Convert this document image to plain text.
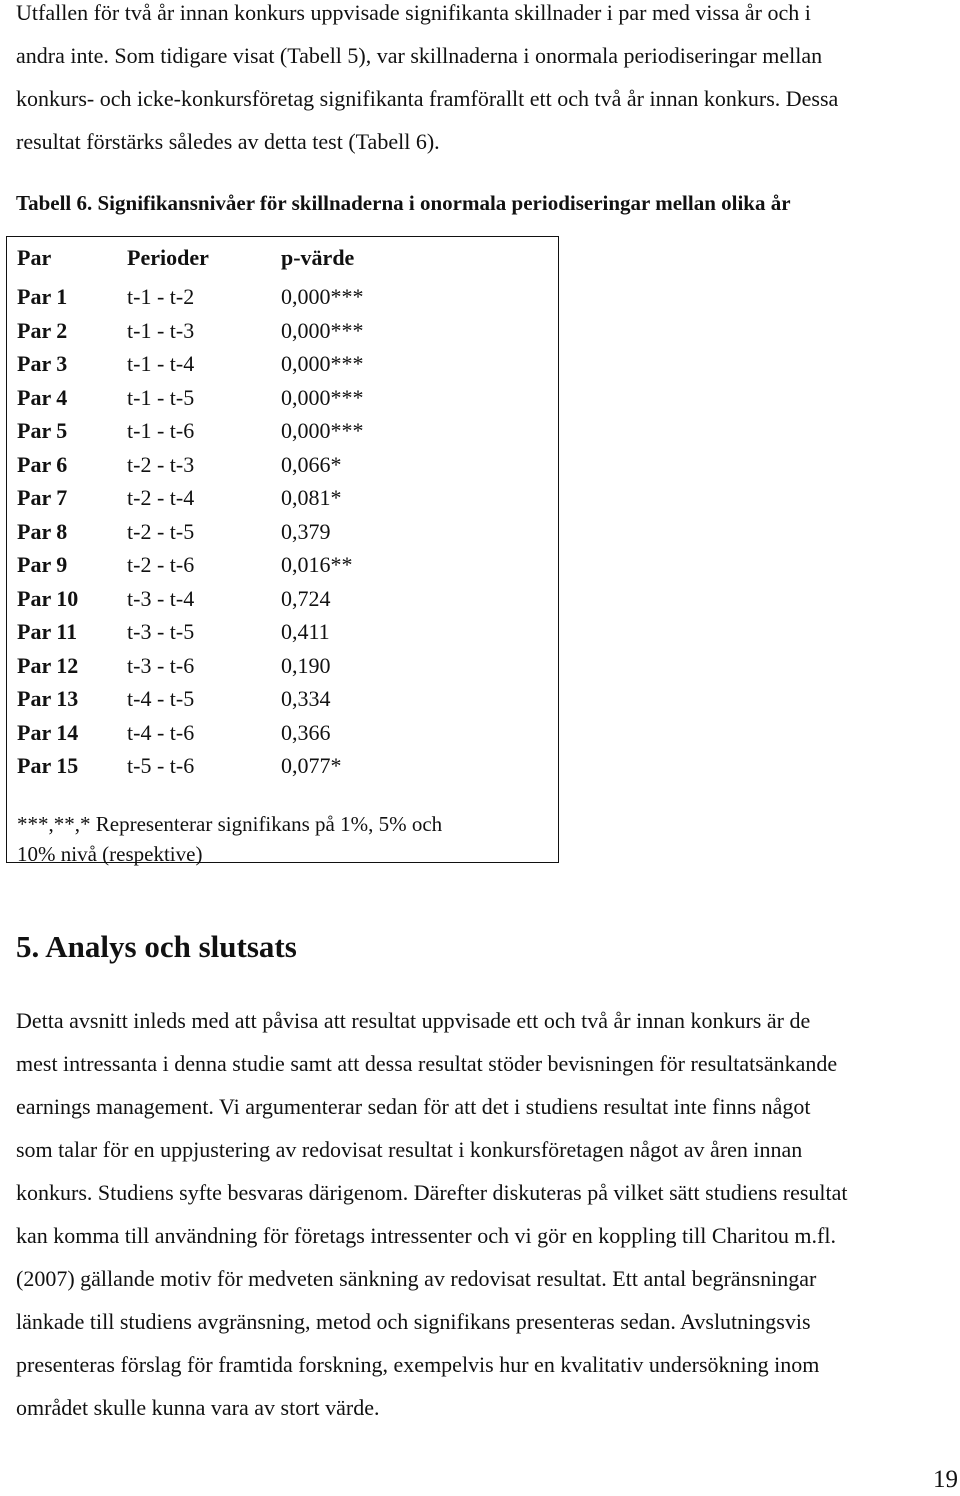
Utfallen för två år innan konkurs uppvisade signifikanta skillnader i par med vissa år och i
andra inte. Som tidigare visat (Tabell 5), var skillnaderna i onormala periodiseringar mellan
konkurs- och icke-konkursföretag signifikanta framförallt ett och två år innan konkurs. Dessa
resultat förstärks således av detta test (Tabell 6).
Tabell 6. Signifikansnivåer för skillnaderna i onormala periodiseringar mellan olika år
Par	Perioder	p-värde
Par 1	t-1 - t-2	0,000***
Par 2	t-1 - t-3	0,000***
Par 3	t-1 - t-4	0,000***
Par 4	t-1 - t-5	0,000***
Par 5	t-1 - t-6	0,000***
Par 6	t-2 - t-3	0,066*
Par 7	t-2 - t-4	0,081*
Par 8	t-2 - t-5	0,379
Par 9	t-2 - t-6	0,016**
Par 10 t-3 - t-4	0,724
Par 11 t-3 - t-5	0,411
Par 12 t-3 - t-6	0,190
Par 13 t-4 - t-5	0,334
Par 14 t-4 - t-6	0,366
Par 15 t-5 - t-6	0,077*
***,**,* Representerar signifikans på 1%, 5% och
10% nivå (respektive)
5. Analys och slutsats
Detta avsnitt inleds med att påvisa att resultat uppvisade ett och två år innan konkurs är de
mest intressanta i denna studie samt att dessa resultat stöder bevisningen för resultatsänkande
earnings management. Vi argumenterar sedan för att det i studiens resultat inte finns något
som talar för en uppjustering av redovisat resultat i konkursföretagen något av åren innan
konkurs. Studiens syfte besvaras därigenom. Därefter diskuteras på vilket sätt studiens resultat
kan komma till användning för företags intressenter och vi gör en koppling till Charitou m.fl.
(2007) gällande motiv för medveten sänkning av redovisat resultat. Ett antal begränsningar
länkade till studiens avgränsning, metod och signifikans presenteras sedan. Avslutningsvis
presenteras förslag för framtida forskning, exempelvis hur en kvalitativ undersökning inom
området skulle kunna vara av stort värde.
19
